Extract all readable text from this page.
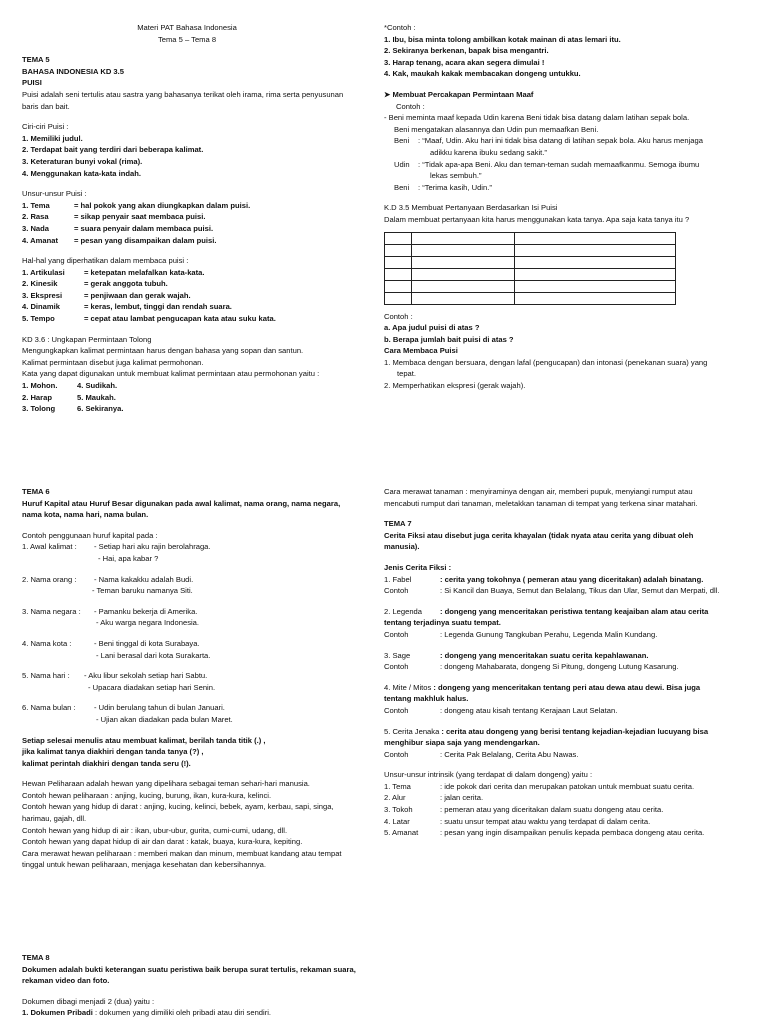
Materi PAT Bahasa Indonesia
Tema 5 – Tema 8
TEMA 5
BAHASA INDONESIA KD 3.5
PUISI
Puisi adalah seni tertulis atau sastra yang bahasanya terikat oleh irama, rima serta penyusunan
baris dan bait.
Ciri-ciri Puisi :
1. Memiliki judul.
2. Terdapat bait yang terdiri dari beberapa kalimat.
3. Keteraturan bunyi vokal (rima).
4. Menggunakan kata-kata indah.
Unsur-unsur Puisi :
1. Tema	= hal pokok yang akan diungkapkan dalam puisi.
2. Rasa	= sikap penyair saat membaca puisi.
3. Nada	= suara penyair dalam membaca puisi.
4. Amanat = pesan yang disampaikan dalam puisi.
Hal-hal yang diperhatikan dalam membaca puisi :
1. Artikulasi	= ketepatan melafalkan kata-kata.
2. Kinesik	= gerak anggota tubuh.
3. Ekspresi	= penjiwaan dan gerak wajah.
4. Dinamik	= keras, lembut, tinggi dan rendah suara.
5. Tempo	= cepat atau lambat pengucapan kata atau suku kata.
KD 3.6 : Ungkapan Permintaan Tolong
Mengungkapkan kalimat permintaan harus dengan bahasa yang sopan dan santun.
Kalimat permintaan disebut juga kalimat permohonan.
Kata yang dapat digunakan untuk membuat kalimat permintaan atau permohonan yaitu :
1. Mohon.	4. Sudikah.
2. Harap	5. Maukah.
3. Tolong	6. Sekiranya.
*Contoh :
1. Ibu, bisa minta tolong ambilkan kotak mainan di atas lemari itu.
2. Sekiranya berkenan, bapak bisa mengantri.
3. Harap tenang, acara akan segera dimulai !
4. Kak, maukah kakak membacakan dongeng untukku.
➤ Membuat Percakapan Permintaan Maaf
Contoh :
- Beni meminta maaf kepada Udin karena Beni tidak bisa datang dalam latihan sepak bola.
Beni mengatakan alasannya dan Udin pun memaafkan Beni.
Beni : “Maaf, Udin. Aku hari ini tidak bisa datang di latihan sepak bola. Aku harus menjaga
adikku karena ibuku sedang sakit.”
Udin : “Tidak apa-apa Beni. Aku dan teman-teman sudah memaafkanmu. Semoga ibumu
lekas sembuh.”
Beni : “Terima kasih, Udin.”
K.D 3.5 Membuat Pertanyaan Berdasarkan Isi Puisi
Dalam membuat pertanyaan kita harus menggunakan kata tanya. Apa saja kata tanya itu ?

Contoh :
a. Apa judul puisi di atas ?
b. Berapa jumlah bait puisi di atas ?
Cara Membaca Puisi
1. Membaca dengan bersuara, dengan lafal (pengucapan) dan intonasi (penekanan suara) yang
tepat.
2. Memperhatikan ekspresi (gerak wajah).
TEMA 6
Huruf Kapital atau Huruf Besar digunakan pada awal kalimat, nama orang, nama negara,
nama kota, nama hari, nama bulan.
Contoh penggunaan huruf kapital pada :
1. Awal kalimat : - Setiap hari aku rajin berolahraga.
- Hai, apa kabar ?
2. Nama orang : - Nama kakakku adalah Budi.
- Teman baruku namanya Siti.
3. Nama negara : - Pamanku bekerja di Amerika.
- Aku warga negara Indonesia.
4. Nama kota :	- Beni tinggal di kota Surabaya.
- Lani berasal dari kota Surakarta.
5. Nama hari : - Aku libur sekolah setiap hari Sabtu.
- Upacara diadakan setiap hari Senin.
6. Nama bulan : - Udin berulang tahun di bulan Januari.
- Ujian akan diadakan pada bulan Maret.
Setiap selesai menulis atau membuat kalimat, berilah tanda titik (.) ,
jika kalimat tanya diakhiri dengan tanda tanya (?) ,
kalimat perintah diakhiri dengan tanda seru (!).
Hewan Peliharaan adalah hewan yang dipelihara sebagai teman sehari-hari manusia.
Contoh hewan peliharaan : anjing, kucing, burung, ikan, kura-kura, kelinci.
Contoh hewan yang hidup di darat : anjing, kucing, kelinci, bebek, ayam, kerbau, sapi, singa,
harimau, gajah, dll.
Contoh hewan yang hidup di air : ikan, ubur-ubur, gurita, cumi-cumi, udang, dll.
Contoh hewan yang dapat hidup di air dan darat : katak, buaya, kura-kura, kepiting.
Cara merawat hewan peliharaan : memberi makan dan minum, membuat kandang atau tempat
tinggal untuk hewan peliharaan, menjaga kesehatan dan kebersihannya.
Cara merawat tanaman : menyiraminya dengan air, memberi pupuk, menyiangi rumput atau
mencabuti rumput dari tanaman, meletakkan tanaman di tempat yang terkena sinar matahari.
TEMA 7
Cerita Fiksi atau disebut juga cerita khayalan (tidak nyata atau cerita yang dibuat oleh
manusia).
Jenis Cerita Fiksi :
1. Fabel	: cerita yang tokohnya ( pemeran atau yang diceritakan) adalah binatang.
Contoh	: Si Kancil dan Buaya, Semut dan Belalang, Tikus dan Ular, Semut dan Merpati, dll.
2. Legenda : dongeng yang menceritakan peristiwa tentang keajaiban alam atau cerita
tentang terjadinya suatu tempat.
Contoh	: Legenda Gunung Tangkuban Perahu, Legenda Malin Kundang.
3. Sage	: dongeng yang menceritakan suatu cerita kepahlawanan.
Contoh	: dongeng Mahabarata, dongeng Si Pitung, dongeng Lutung Kasarung.
4. Mite / Mitos : dongeng yang menceritakan tentang peri atau dewa atau dewi. Bisa juga
tentang makhluk halus.
Contoh	: dongeng atau kisah tentang Kerajaan Laut Selatan.
5. Cerita Jenaka : cerita atau dongeng yang berisi tentang kejadian-kejadian lucuyang bisa
menghibur siapa saja yang mendengarkan.
Contoh	: Cerita Pak Belalang, Cerita Abu Nawas.
Unsur-unsur intrinsik (yang terdapat di dalam dongeng) yaitu :
1. Tema	: ide pokok dari cerita dan merupakan patokan untuk membuat suatu cerita.
2. Alur	: jalan cerita.
3. Tokoh	: pemeran atau yang diceritakan dalam suatu dongeng atau cerita.
4. Latar	: suatu unsur tempat atau waktu yang terdapat di dalam cerita.
5. Amanat	: pesan yang ingin disampaikan penulis kepada pembaca dongeng atau cerita.
TEMA 8
Dokumen adalah bukti keterangan suatu peristiwa baik berupa surat tertulis, rekaman suara,
rekaman video dan foto.
Dokumen dibagi menjadi 2 (dua) yaitu :
1. Dokumen Pribadi : dokumen yang dimiliki oleh pribadi atau diri sendiri.
